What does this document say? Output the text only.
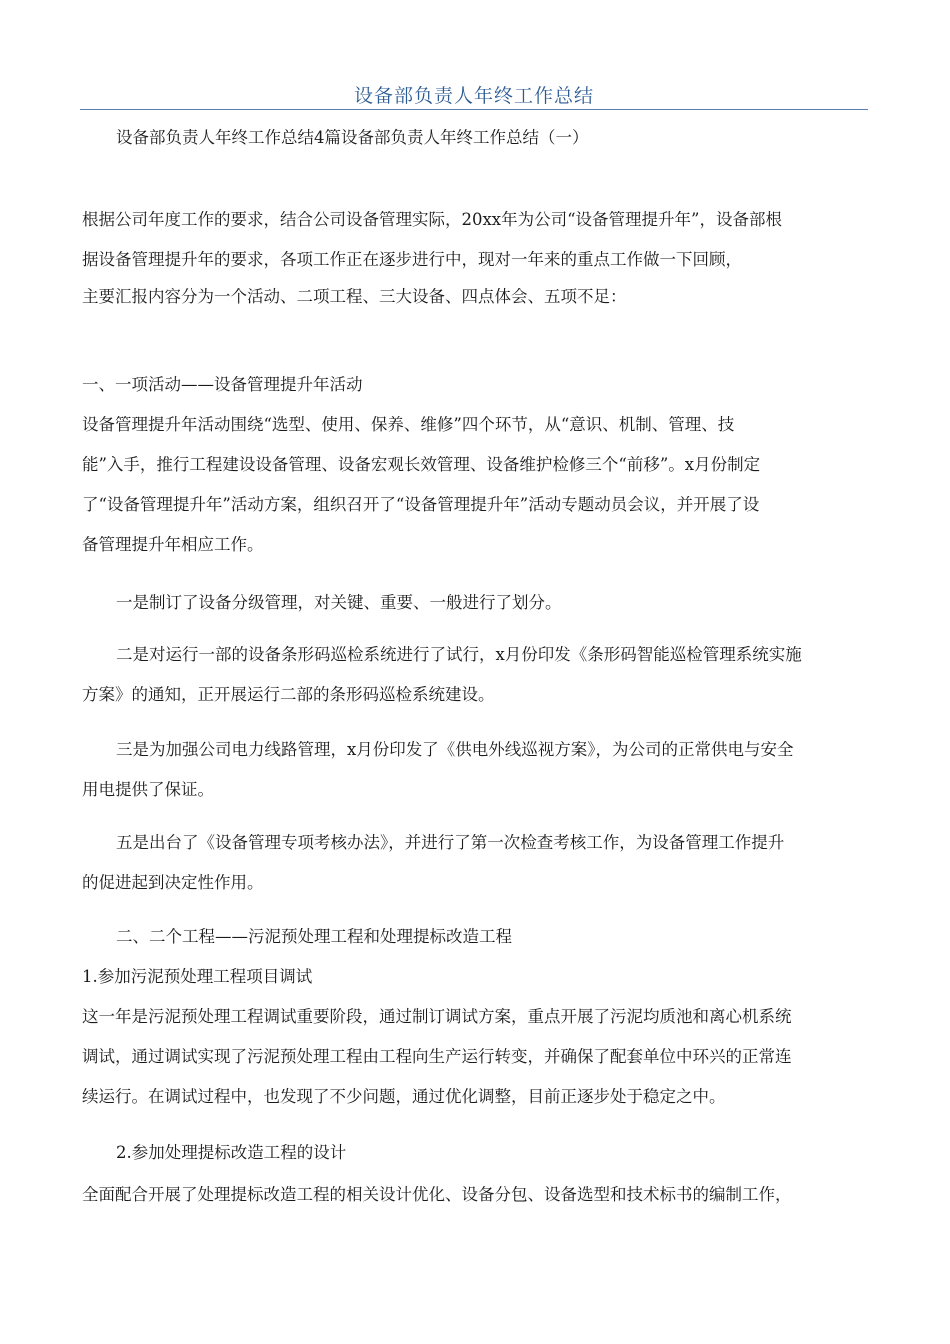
设备部负责人年终工作总结

设备部负责人年终工作总结4篇设备部负责人年终工作总结（一）

根据公司年度工作的要求，结合公司设备管理实际，20xx年为公司“设备管理提升年”，设备部根
据设备管理提升年的要求，各项工作正在逐步进行中，现对一年来的重点工作做一下回顾，
主要汇报内容分为一个活动、二项工程、三大设备、四点体会、五项不足：

一、一项活动——设备管理提升年活动

设备管理提升年活动围绕“选型、使用、保养、维修”四个环节，从“意识、机制、管理、技
能”入手，推行工程建设设备管理、设备宏观长效管理、设备维护检修三个“前移”。x月份制定
了“设备管理提升年”活动方案，组织召开了“设备管理提升年”活动专题动员会议，并开展了设
备管理提升年相应工作。

一是制订了设备分级管理，对关键、重要、一般进行了划分。

二是对运行一部的设备条形码巡检系统进行了试行，x月份印发《条形码智能巡检管理系统实施
方案》的通知，正开展运行二部的条形码巡检系统建设。
三是为加强公司电力线路管理，x月份印发了《供电外线巡视方案》，为公司的正常供电与安全
用电提供了保证。
五是出台了《设备管理专项考核办法》，并进行了第一次检查考核工作，为设备管理工作提升
的促进起到决定性作用。

二、二个工程——污泥预处理工程和处理提标改造工程

1.参加污泥预处理工程项目调试

这一年是污泥预处理工程调试重要阶段，通过制订调试方案，重点开展了污泥均质池和离心机系统
调试，通过调试实现了污泥预处理工程由工程向生产运行转变，并确保了配套单位中环兴的正常连
续运行。在调试过程中，也发现了不少问题，通过优化调整，目前正逐步处于稳定之中。

2.参加处理提标改造工程的设计

全面配合开展了处理提标改造工程的相关设计优化、设备分包、设备选型和技术标书的编制工作，
